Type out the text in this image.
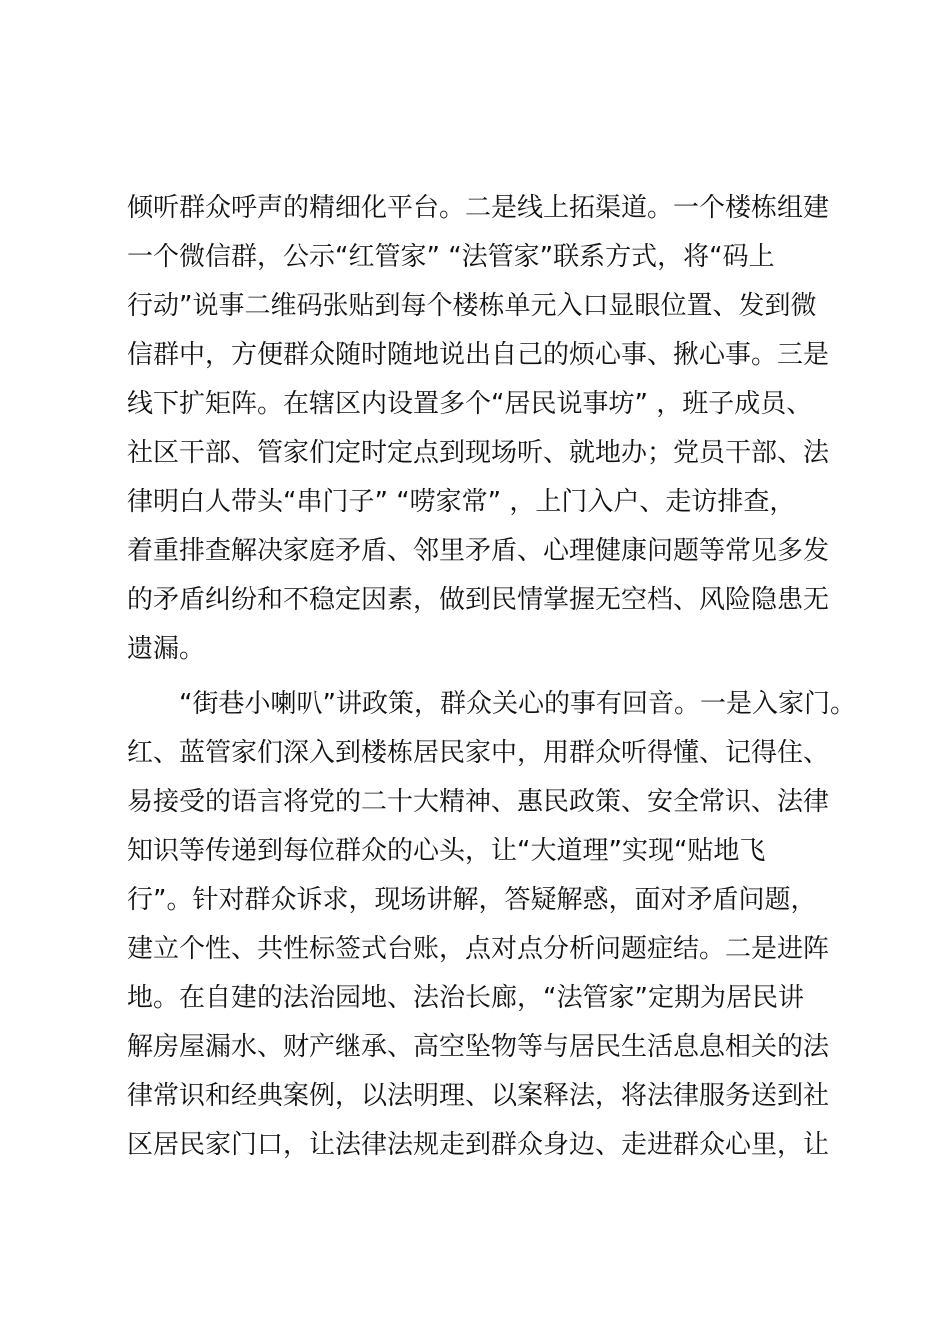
倾听群众呼声的精细化平台。二是线上拓渠道。一个楼栋组建
一个微信群，公示“红管家” “法管家”联系方式，将“码上
行动”说事二维码张贴到每个楼栋单元入口显眼位置、发到微
信群中，方便群众随时随地说出自己的烦心事、揪心事。三是
线下扩矩阵。在辖区内设置多个“居民说事坊” ，班子成员、
社区干部、管家们定时定点到现场听、就地办；党员干部、法
律明白人带头“串门子” “唠家常” ，上门入户、走访排查，
着重排查解决家庭矛盾、邻里矛盾、心理健康问题等常见多发
的矛盾纠纷和不稳定因素，做到民情掌握无空档、风险隐患无
遗漏。
“街巷小喇叭”讲政策，群众关心的事有回音。一是入家门。
红、蓝管家们深入到楼栋居民家中，用群众听得懂、记得住、
易接受的语言将党的二十大精神、惠民政策、安全常识、法律
知识等传递到每位群众的心头，让“大道理”实现“贴地飞
行”。针对群众诉求，现场讲解，答疑解惑，面对矛盾问题，
建立个性、共性标签式台账，点对点分析问题症结。二是进阵
地。在自建的法治园地、法治长廊，“法管家”定期为居民讲
解房屋漏水、财产继承、高空坠物等与居民生活息息相关的法
律常识和经典案例，以法明理、以案释法，将法律服务送到社
区居民家门口，让法律法规走到群众身边、走进群众心里，让
